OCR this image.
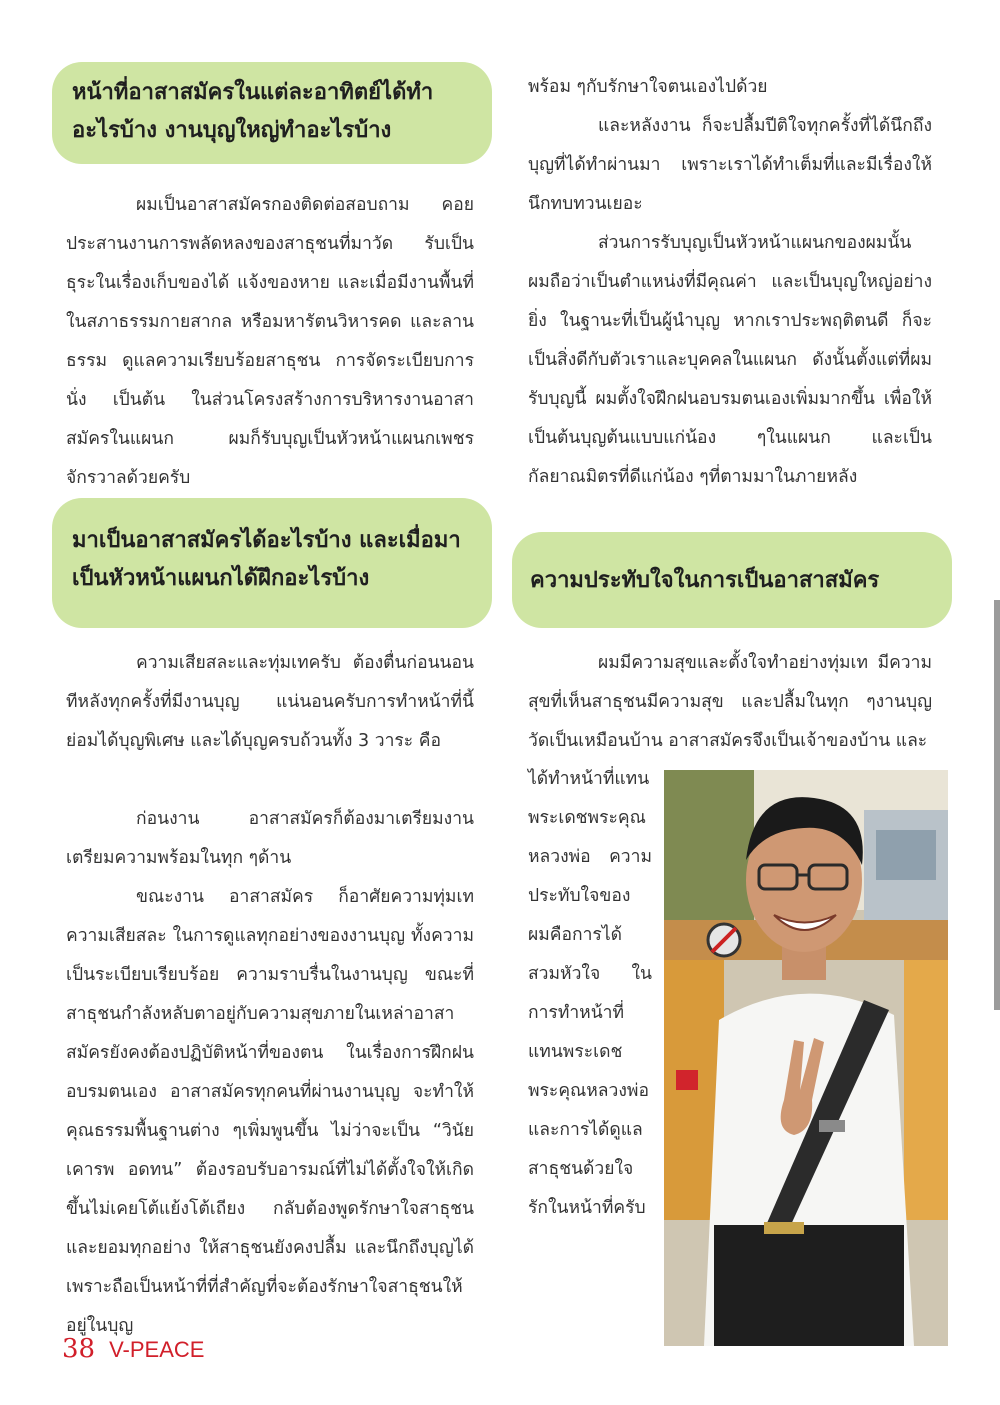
หน้าที่อาสาสมัครในแต่ละอาทิตย์ได้ทำอะไรบ้าง งานบุญใหญ่ทำอะไรบ้าง

ผมเป็นอาสาสมัครกองติดต่อสอบถาม คอยประสานงานการพลัดหลงของสาธุชนที่มาวัด รับเป็นธุระในเรื่องเก็บของได้ แจ้งของหาย และเมื่อมีงานพื้นที่ในสภาธรรมกายสากล หรือมหารัตนวิหารคด และลานธรรม ดูแลความเรียบร้อยสาธุชน การจัดระเบียบการนั่ง เป็นต้น ในส่วนโครงสร้างการบริหารงานอาสาสมัครในแผนก ผมก็รับบุญเป็นหัวหน้าแผนกเพชรจักรวาลด้วยครับ

มาเป็นอาสาสมัครได้อะไรบ้าง และเมื่อมาเป็นหัวหน้าแผนกได้ฝึกอะไรบ้าง

ความเสียสละและทุ่มเทครับ ต้องตื่นก่อนนอนทีหลังทุกครั้งที่มีงานบุญ แน่นอนครับการทำหน้าที่นี้ย่อมได้บุญพิเศษ และได้บุญครบถ้วนทั้ง 3 วาระ คือ

ก่อนงาน อาสาสมัครก็ต้องมาเตรียมงาน เตรียมความพร้อมในทุก ๆด้าน

ขณะงาน อาสาสมัคร ก็อาศัยความทุ่มเทความเสียสละ ในการดูแลทุกอย่างของงานบุญ ทั้งความเป็นระเบียบเรียบร้อย ความราบรื่นในงานบุญ ขณะที่สาธุชนกำลังหลับตาอยู่กับความสุขภายในเหล่าอาสาสมัครยังคงต้องปฏิบัติหน้าที่ของตน ในเรื่องการฝึกฝนอบรมตนเอง อาสาสมัครทุกคนที่ผ่านงานบุญ จะทำให้คุณธรรมพื้นฐานต่าง ๆเพิ่มพูนขึ้น ไม่ว่าจะเป็น “วินัย เคารพ อดทน” ต้องรอบรับอารมณ์ที่ไม่ได้ตั้งใจให้เกิดขึ้นไม่เคยโต้แย้งโต้เถียง กลับต้องพูดรักษาใจสาธุชน และยอมทุกอย่าง ให้สาธุชนยังคงปลื้ม และนึกถึงบุญได้ เพราะถือเป็นหน้าที่ที่สำคัญที่จะต้องรักษาใจสาธุชนให้อยู่ในบุญ

พร้อม ๆกับรักษาใจตนเองไปด้วย
และหลังงาน ก็จะปลื้มปีติใจทุกครั้งที่ได้นึกถึงบุญที่ได้ทำผ่านมา เพราะเราได้ทำเต็มที่และมีเรื่องให้นึกทบทวนเยอะ

ส่วนการรับบุญเป็นหัวหน้าแผนกของผมนั้น ผมถือว่าเป็นตำแหน่งที่มีคุณค่า และเป็นบุญใหญ่อย่างยิ่ง ในฐานะที่เป็นผู้นำบุญ หากเราประพฤติตนดี ก็จะเป็นสิ่งดีกับตัวเราและบุคคลในแผนก ดังนั้นตั้งแต่ที่ผมรับบุญนี้ ผมตั้งใจฝึกฝนอบรมตนเองเพิ่มมากขึ้น เพื่อให้เป็นต้นบุญต้นแบบแก่น้อง ๆในแผนก และเป็นกัลยาณมิตรที่ดีแก่น้อง ๆที่ตามมาในภายหลัง

ความประทับใจในการเป็นอาสาสมัคร

ผมมีความสุขและตั้งใจทำอย่างทุ่มเท มีความสุขที่เห็นสาธุชนมีความสุข และปลื้มในทุก ๆงานบุญ วัดเป็นเหมือนบ้าน อาสาสมัครจึงเป็นเจ้าของบ้าน และ

ได้ทำหน้าที่แทนพระเดชพระคุณหลวงพ่อ ความประทับใจของผมคือการได้สวมหัวใจ ในการทำหน้าที่แทนพระเดชพระคุณหลวงพ่อ และการได้ดูแลสาธุชนด้วยใจรักในหน้าที่ครับ

38 V-PEACE
